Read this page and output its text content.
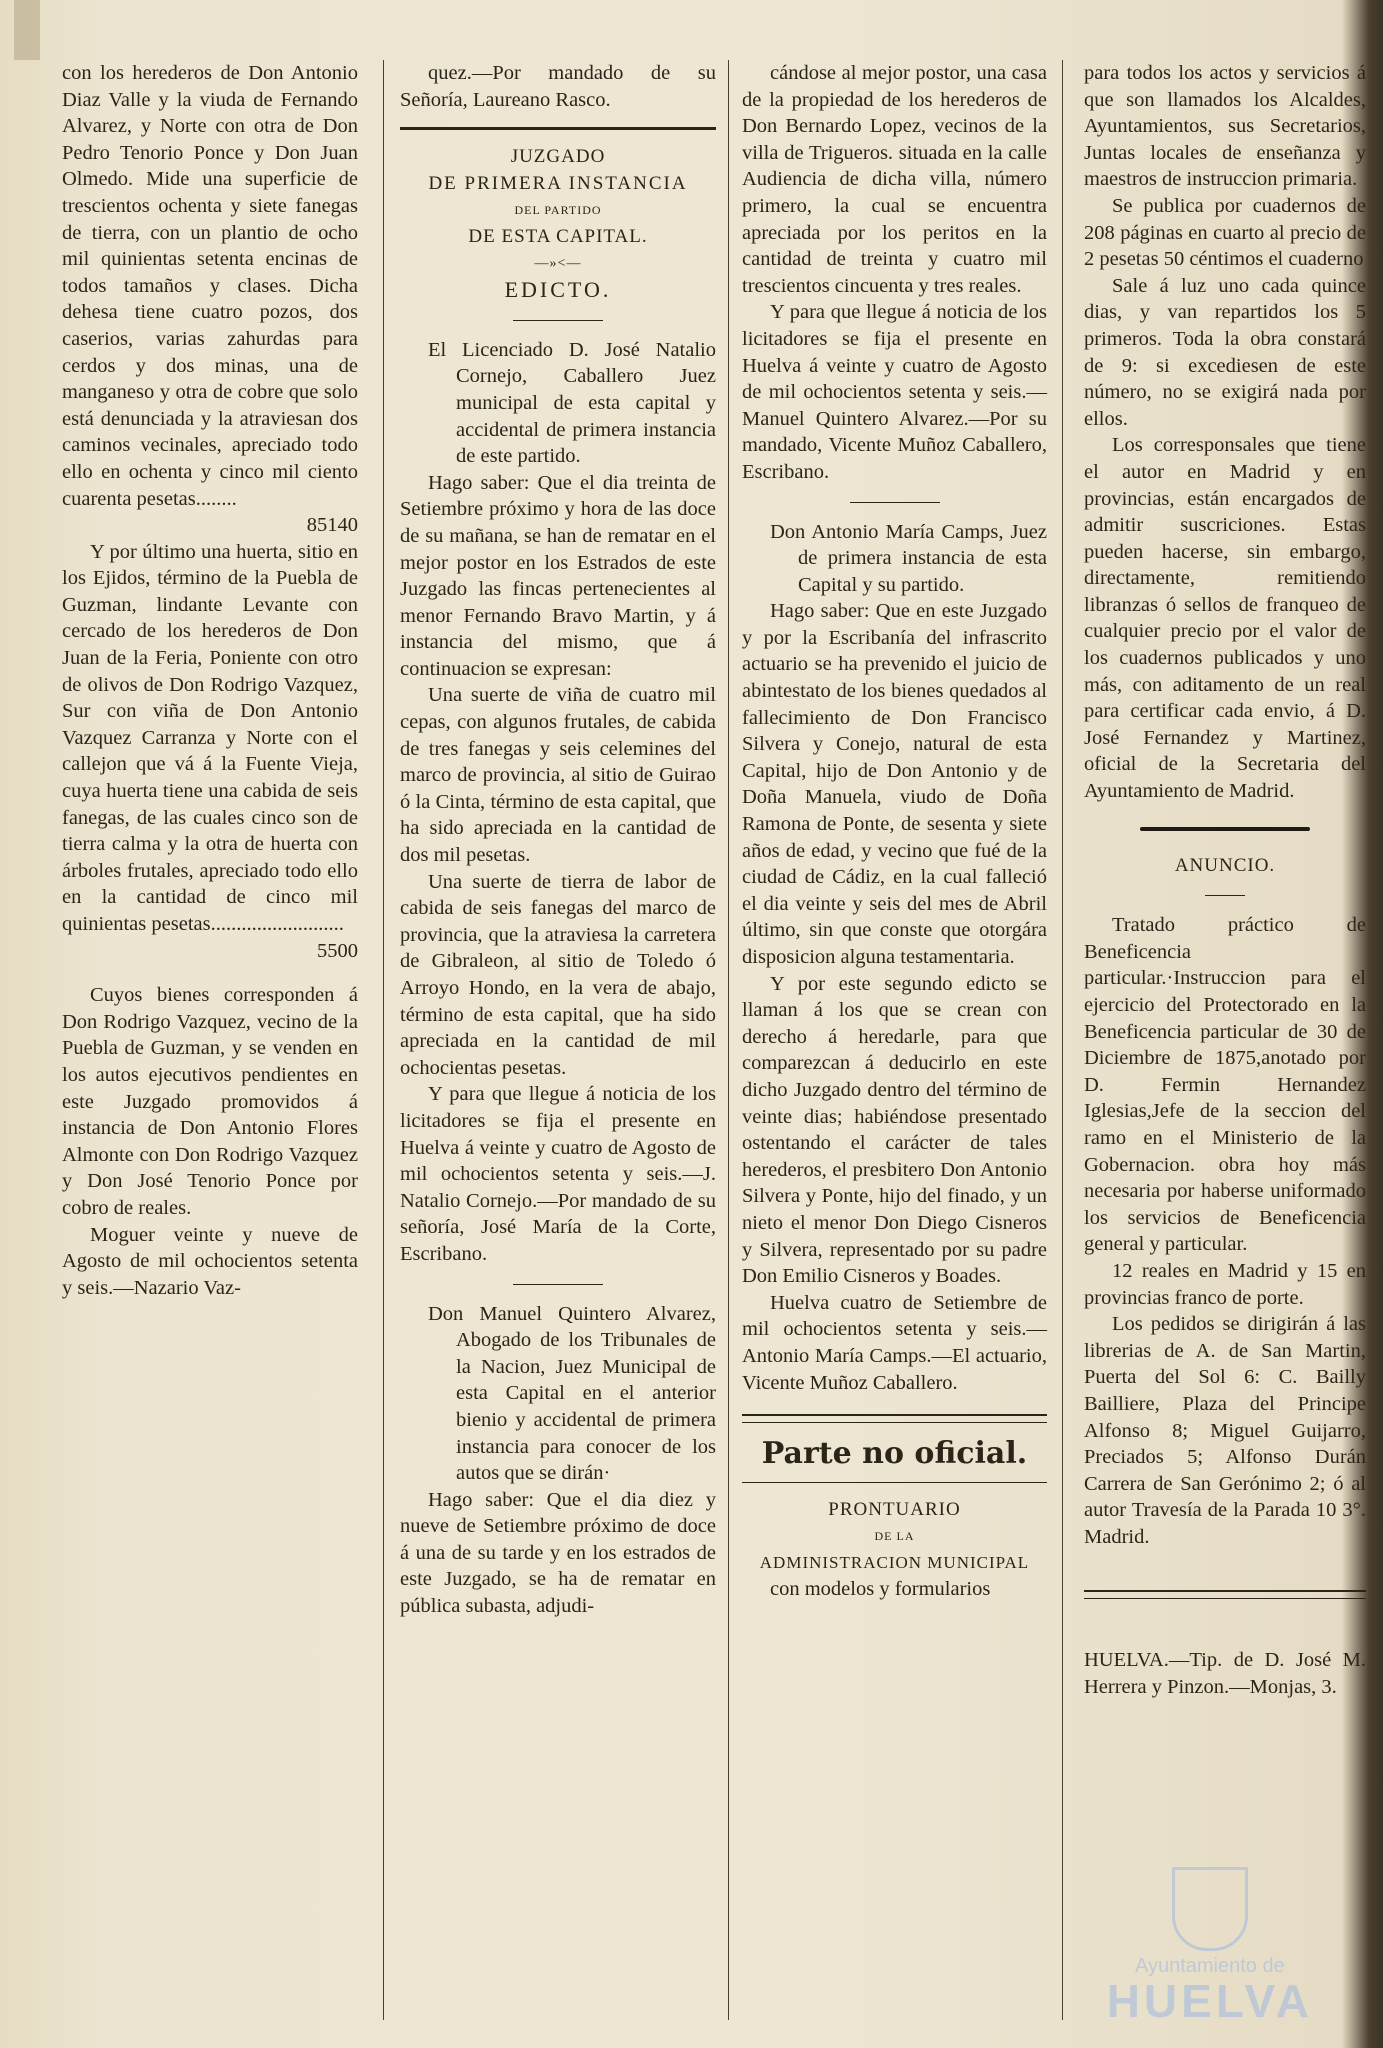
con los herederos de Don Antonio Diaz Valle y la viuda de Fernando Alvarez, y Norte con otra de Don Pedro Tenorio Ponce y Don Juan Olmedo. Mide una superficie de trescientos ochenta y siete fanegas de tierra, con un plantio de ocho mil quinientas setenta encinas de todos tamaños y clases. Dicha dehesa tiene cuatro pozos, dos caserios, varias zahurdas para cerdos y dos minas, una de manganeso y otra de cobre que solo está denunciada y la atraviesan dos caminos vecinales, apreciado todo ello en ochenta y cinco mil ciento cuarenta pesetas........

85140

Y por último una huerta, sitio en los Ejidos, término de la Puebla de Guzman, lindante Levante con cercado de los herederos de Don Juan de la Feria, Poniente con otro de olivos de Don Rodrigo Vazquez, Sur con viña de Don Antonio Vazquez Carranza y Norte con el callejon que vá á la Fuente Vieja, cuya huerta tiene una cabida de seis fanegas, de las cuales cinco son de tierra calma y la otra de huerta con árboles frutales, apreciado todo ello en la cantidad de cinco mil quinientas pesetas..........................

5500

Cuyos bienes corresponden á Don Rodrigo Vazquez, vecino de la Puebla de Guzman, y se venden en los autos ejecutivos pendientes en este Juzgado promovidos á instancia de Don Antonio Flores Almonte con Don Rodrigo Vazquez y Don José Tenorio Ponce por cobro de reales.

Moguer veinte y nueve de Agosto de mil ochocientos setenta y seis.—Nazario Vaz-

quez.—Por mandado de su Señoría, Laureano Rasco.

JUZGADO

DE PRIMERA INSTANCIA

DEL PARTIDO

DE ESTA CAPITAL.

—»<—

EDICTO.

El Licenciado D. José Natalio Cornejo, Caballero Juez municipal de esta capital y accidental de primera instancia de este partido.

Hago saber: Que el dia treinta de Setiembre próximo y hora de las doce de su mañana, se han de rematar en el mejor postor en los Estrados de este Juzgado las fincas pertenecientes al menor Fernando Bravo Martin, y á instancia del mismo, que á continuacion se expresan:

Una suerte de viña de cuatro mil cepas, con algunos frutales, de cabida de tres fanegas y seis celemines del marco de provincia, al sitio de Guirao ó la Cinta, término de esta capital, que ha sido apreciada en la cantidad de dos mil pesetas.

Una suerte de tierra de labor de cabida de seis fanegas del marco de provincia, que la atraviesa la carretera de Gibraleon, al sitio de Toledo ó Arroyo Hondo, en la vera de abajo, término de esta capital, que ha sido apreciada en la cantidad de mil ochocientas pesetas.

Y para que llegue á noticia de los licitadores se fija el presente en Huelva á veinte y cuatro de Agosto de mil ochocientos setenta y seis.—J. Natalio Cornejo.—Por mandado de su señoría, José María de la Corte, Escribano.

Don Manuel Quintero Alvarez, Abogado de los Tribunales de la Nacion, Juez Municipal de esta Capital en el anterior bienio y accidental de primera instancia para conocer de los autos que se dirán·

Hago saber: Que el dia diez y nueve de Setiembre próximo de doce á una de su tarde y en los estrados de este Juzgado, se ha de rematar en pública subasta, adjudi-

cándose al mejor postor, una casa de la propiedad de los herederos de Don Bernardo Lopez, vecinos de la villa de Trigueros. situada en la calle Audiencia de dicha villa, número primero, la cual se encuentra apreciada por los peritos en la cantidad de treinta y cuatro mil trescientos cincuenta y tres reales.

Y para que llegue á noticia de los licitadores se fija el presente en Huelva á veinte y cuatro de Agosto de mil ochocientos setenta y seis.—Manuel Quintero Alvarez.—Por su mandado, Vicente Muñoz Caballero, Escribano.

Don Antonio María Camps, Juez de primera instancia de esta Capital y su partido.

Hago saber: Que en este Juzgado y por la Escribanía del infrascrito actuario se ha prevenido el juicio de abintestato de los bienes quedados al fallecimiento de Don Francisco Silvera y Conejo, natural de esta Capital, hijo de Don Antonio y de Doña Manuela, viudo de Doña Ramona de Ponte, de sesenta y siete años de edad, y vecino que fué de la ciudad de Cádiz, en la cual falleció el dia veinte y seis del mes de Abril último, sin que conste que otorgára disposicion alguna testamentaria.

Y por este segundo edicto se llaman á los que se crean con derecho á heredarle, para que comparezcan á deducirlo en este dicho Juzgado dentro del término de veinte dias; habiéndose presentado ostentando el carácter de tales herederos, el presbitero Don Antonio Silvera y Ponte, hijo del finado, y un nieto el menor Don Diego Cisneros y Silvera, representado por su padre Don Emilio Cisneros y Boades.

Huelva cuatro de Setiembre de mil ochocientos setenta y seis.—Antonio María Camps.—El actuario, Vicente Muñoz Caballero.

Parte no oficial.

PRONTUARIO

DE LA

ADMINISTRACION MUNICIPAL

con modelos y formularios

para todos los actos y servicios á que son llamados los Alcaldes, Ayuntamientos, sus Secretarios, Juntas locales de enseñanza y maestros de instruccion primaria.

Se publica por cuadernos de 208 páginas en cuarto al precio de 2 pesetas 50 céntimos el cuaderno

Sale á luz uno cada quince dias, y van repartidos los 5 primeros. Toda la obra constará de 9: si excediesen de este número, no se exigirá nada por ellos.

Los corresponsales que tiene el autor en Madrid y en provincias, están encargados de admitir suscriciones. Estas pueden hacerse, sin embargo, directamente, remitiendo libranzas ó sellos de franqueo de cualquier precio por el valor de los cuadernos publicados y uno más, con aditamento de un real para certificar cada envio, á D. José Fernandez y Martinez, oficial de la Secretaria del Ayuntamiento de Madrid.

ANUNCIO.

Tratado práctico de Beneficencia particular.·Instruccion para el ejercicio del Protectorado en la Beneficencia particular de 30 de Diciembre de 1875,anotado por D. Fermin Hernandez Iglesias,Jefe de la seccion del ramo en el Ministerio de la Gobernacion. obra hoy más necesaria por haberse uniformado los servicios de Beneficencia general y particular.

12 reales en Madrid y 15 en provincias franco de porte.

Los pedidos se dirigirán á las librerias de A. de San Martin, Puerta del Sol 6: C. Bailly Bailliere, Plaza del Principe Alfonso 8; Miguel Guijarro, Preciados 5; Alfonso Durán Carrera de San Gerónimo 2; ó al autor Travesía de la Parada 10 3°. Madrid.

HUELVA.—Tip. de D. José M. Herrera y Pinzon.—Monjas, 3.

Ayuntamiento de
HUELVA
